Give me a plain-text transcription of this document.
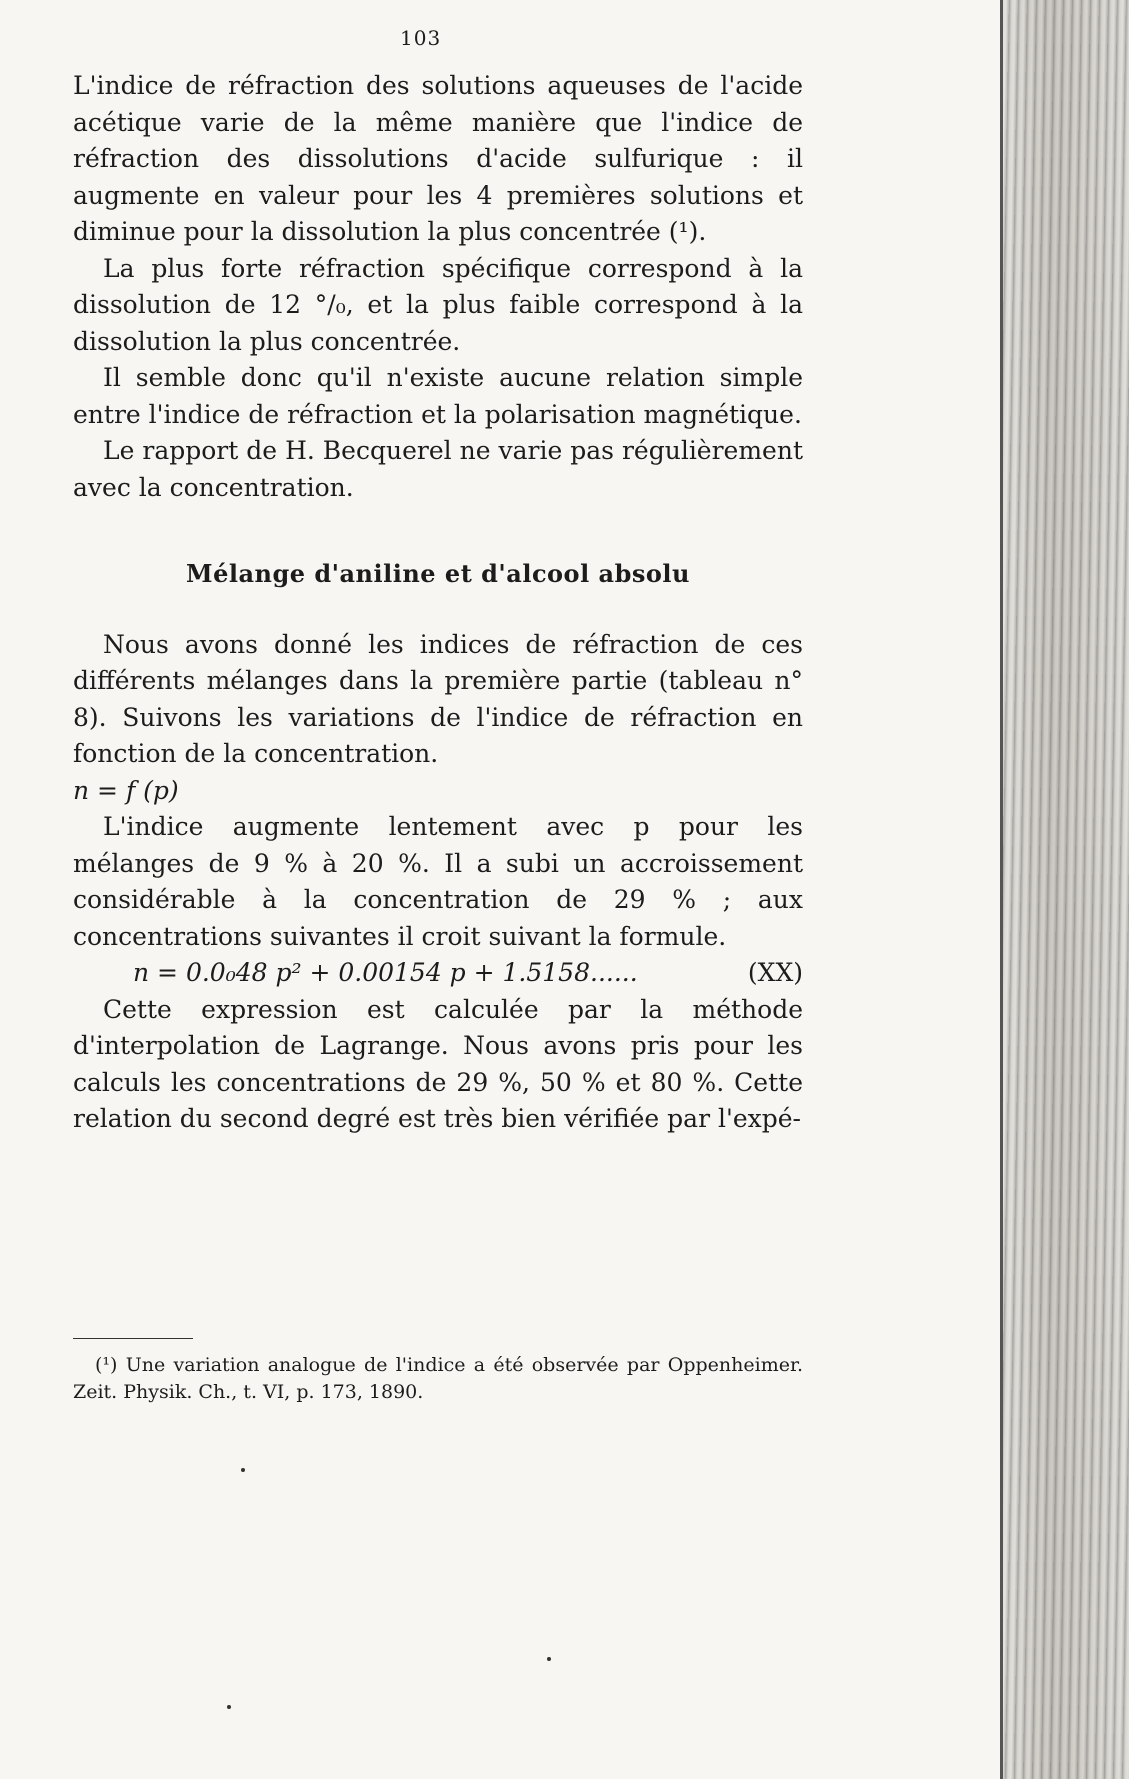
103

L'indice de réfraction des solutions aqueuses de l'acide acétique varie de la même manière que l'indice de réfraction des dissolutions d'acide sulfurique : il augmente en valeur pour les 4 premières solutions et diminue pour la dissolution la plus concentrée (¹).

La plus forte réfraction spécifique correspond à la dissolution de 12 °/₀, et la plus faible correspond à la dissolution la plus concentrée.

Il semble donc qu'il n'existe aucune relation simple entre l'indice de réfraction et la polarisation magnétique.

Le rapport de H. Becquerel ne varie pas régulièrement avec la concentration.

Mélange d'aniline et d'alcool absolu

Nous avons donné les indices de réfraction de ces différents mélanges dans la première partie (tableau n° 8). Suivons les variations de l'indice de réfraction en fonction de la concentration.

n = f (p)

L'indice augmente lentement avec p pour les mélanges de 9 % à 20 %. Il a subi un accroissement considérable à la concentration de 29 % ; aux concentrations suivantes il croit suivant la formule.

n = 0.0₀48 p² + 0.00154 p + 1.5158......	(XX)

Cette expression est calculée par la méthode d'interpolation de Lagrange. Nous avons pris pour les calculs les concentrations de 29 %, 50 % et 80 %. Cette relation du second degré est très bien vérifiée par l'expé-

(¹) Une variation analogue de l'indice a été observée par Oppenheimer. Zeit. Physik. Ch., t. VI, p. 173, 1890.
